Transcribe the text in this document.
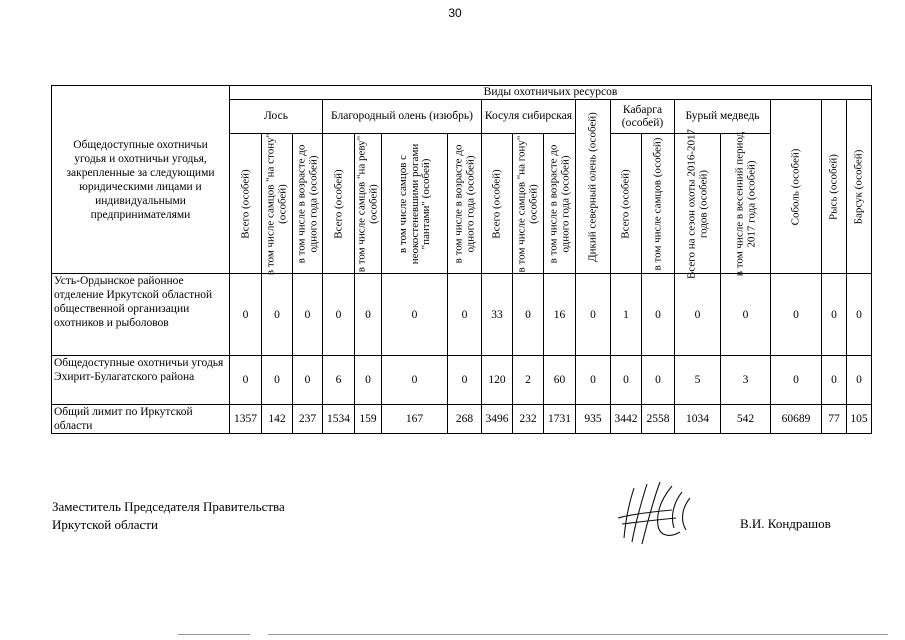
30
Общедоступные охотничьи угодья и охотничьи угодья, закрепленные за следующими юридическими лицами и индивидуальными предпринимателями	Виды охотничьих ресурсов																	
	Лось			Благородный олень (изюбрь)				Косуля сибирская			Дикий северный олень (особей)	Кабарга (особей)		Бурый медведь		Соболь (особей)	Рысь (особей)	Барсук (особей)

	Всего (особей)	в том числе самцов "на стону" (особей)	в том числе в возрасте до одного года (особей)	Всего (особей)	в том числе самцов "на реву" (особей)	в том числе самцов с неокостеневшими рогами "пантами" (особей)	в том числе в возрасте до одного года (особей)	Всего (особей)	в том числе самцов "на гону" (особей)	в том числе в возрасте до одного года (особей)		Всего (особей)	в том числе самцов (особей)	Всего на сезон охоты 2016-2017 годов (особей)	в том числе в весенний период 2017 года (особей)			

Усть-Ордынское районное отделение Иркутской областной общественной организации охотников и рыболовов	0	0	0	0	0	0	0	33	0	16	0	1	0	0	0	0	0	0
Общедоступные охотничьи угодья Эхирит-Булагатского района	0	0	0	6	0	0	0	120	2	60	0	0	0	5	3	0	0	0
Общий лимит по Иркутской области	1357	142	237	1534	159	167	268	3496	232	1731	935	3442	2558	1034	542	60689	77	105
Заместитель Председателя Правительства
Иркутской области	В.И. Кондрашов
